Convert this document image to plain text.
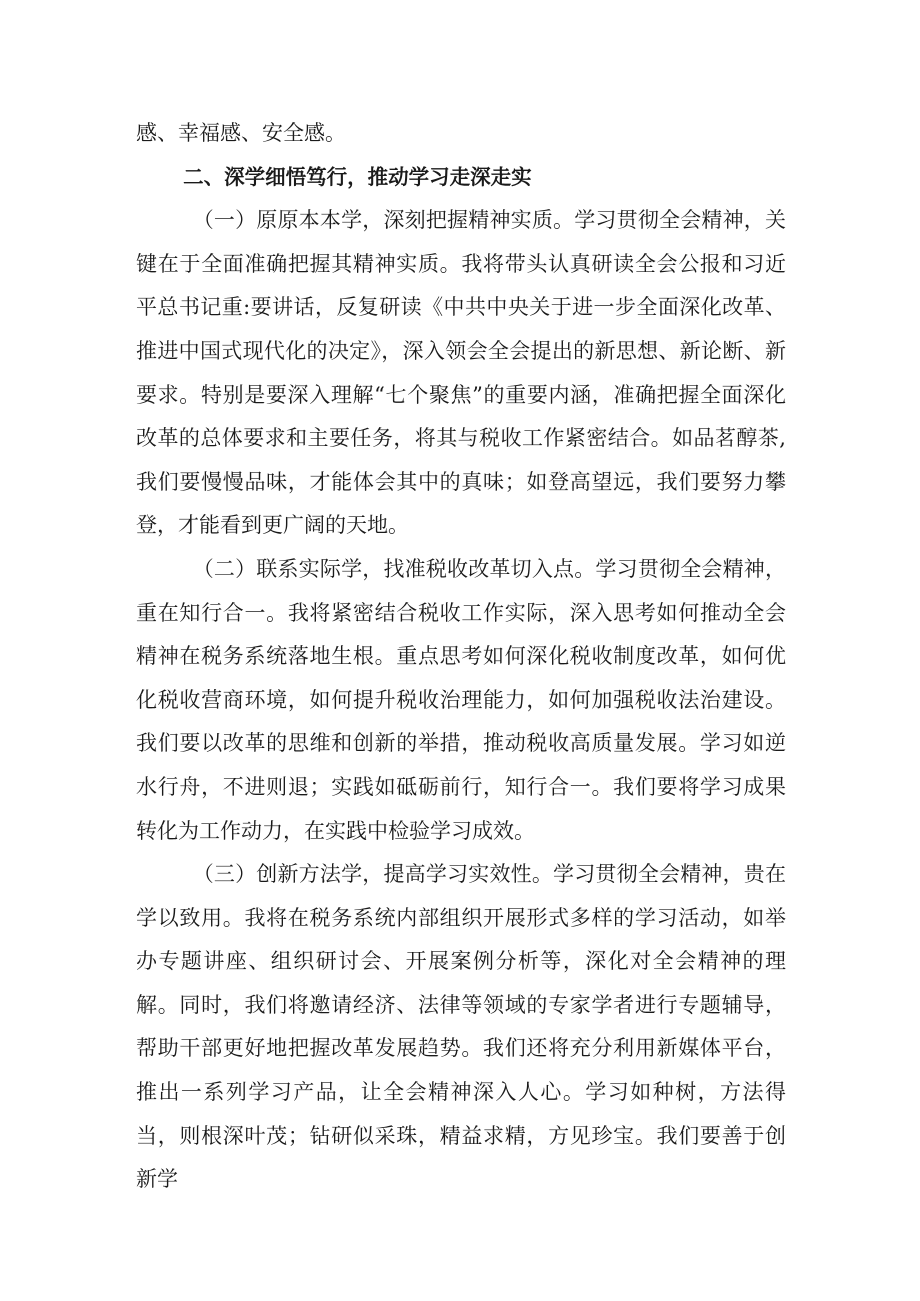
感、幸福感、安全感。

二、深学细悟笃行，推动学习走深走实

（一）原原本本学，深刻把握精神实质。学习贯彻全会精神，关键在于全面准确把握其精神实质。我将带头认真研读全会公报和习近平总书记重:要讲话，反复研读《中共中央关于进一步全面深化改革、推进中国式现代化的决定》，深入领会全会提出的新思想、新论断、新要求。特别是要深入理解“七个聚焦”的重要内涵，准确把握全面深化改革的总体要求和主要任务，将其与税收工作紧密结合。如品茗醇茶,我们要慢慢品味，才能体会其中的真味；如登高望远，我们要努力攀登，才能看到更广阔的天地。

（二）联系实际学，找准税收改革切入点。学习贯彻全会精神，重在知行合一。我将紧密结合税收工作实际，深入思考如何推动全会精神在税务系统落地生根。重点思考如何深化税收制度改革，如何优化税收营商环境，如何提升税收治理能力，如何加强税收法治建设。我们要以改革的思维和创新的举措，推动税收高质量发展。学习如逆水行舟，不进则退；实践如砥砺前行，知行合一。我们要将学习成果转化为工作动力，在实践中检验学习成效。

（三）创新方法学，提高学习实效性。学习贯彻全会精神，贵在学以致用。我将在税务系统内部组织开展形式多样的学习活动，如举办专题讲座、组织研讨会、开展案例分析等，深化对全会精神的理解。同时，我们将邀请经济、法律等领域的专家学者进行专题辅导，帮助干部更好地把握改革发展趋势。我们还将充分利用新媒体平台，推出一系列学习产品，让全会精神深入人心。学习如种树，方法得当，则根深叶茂；钻研似采珠，精益求精，方见珍宝。我们要善于创新学
